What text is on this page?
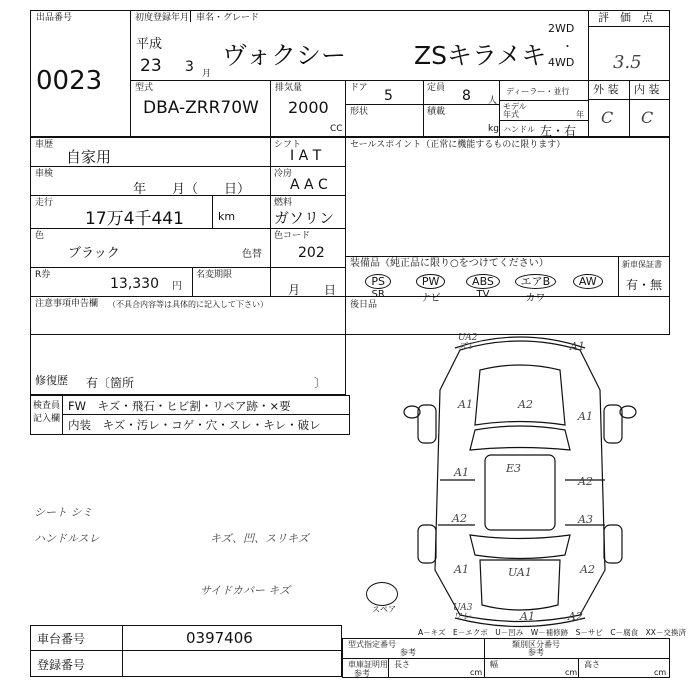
出品番号
0023
初度登録年月 車名・グレード
平成
23 3 月
ヴォクシー	ZSキラメキ
2WD
・
4WD
評　価　点
3.5
外 装 内 装
C C
型式
DBA-ZRR70W
排気量
2000
CC
ドア 5
形状
定員 8 人
積載
kg
ディーラー・並行
モデル年式	年
ハンドル 左・右
車歴
自家用
車検
年　　月（　　日）
走行
17万4千441	km
色
ブラック	色替
R券
13,330 円
名変期限
月　　日
シフト
I A T
冷房
A A C
燃料
ガソリン
色コード
202
セールスポイント（正常に機能するものに限ります）
装備品（純正品に限り○をつけてください）	新車保証書
有・無
PS
SR
PW
ナビ
ABS
TV
エアB
カワ
AW
後日品
注意事項申告欄 （不具合内容等は具体的に記入して下さい）
修復歴 有〔箇所　　　　　　　　　　　　　　　〕
検査員
記入欄
FW　キズ・飛石・ヒビ割・リペア跡・×要
内装　キズ・汚レ・コゲ・穴・スレ・キレ・破レ
シート シミ
ハンドルスレ	キズ、凹、スリキズ
サイドカバー キズ
UA2
ズレ	A1
A2
A1
A1
A1	E3
A2
A2	A3
A1	UA1	A2
UA3
ワレ	A1	A2
スペア
A－キズ　E－エクボ　U－凹み　W－補修跡　S－サビ　C－腐食　XX－交換済
車台番号	0397406
登録番号
型式指定番号
参考
類別区分番号
参考
車庫証明用
参考
長さ
cm
幅
cm
高さ
cm
